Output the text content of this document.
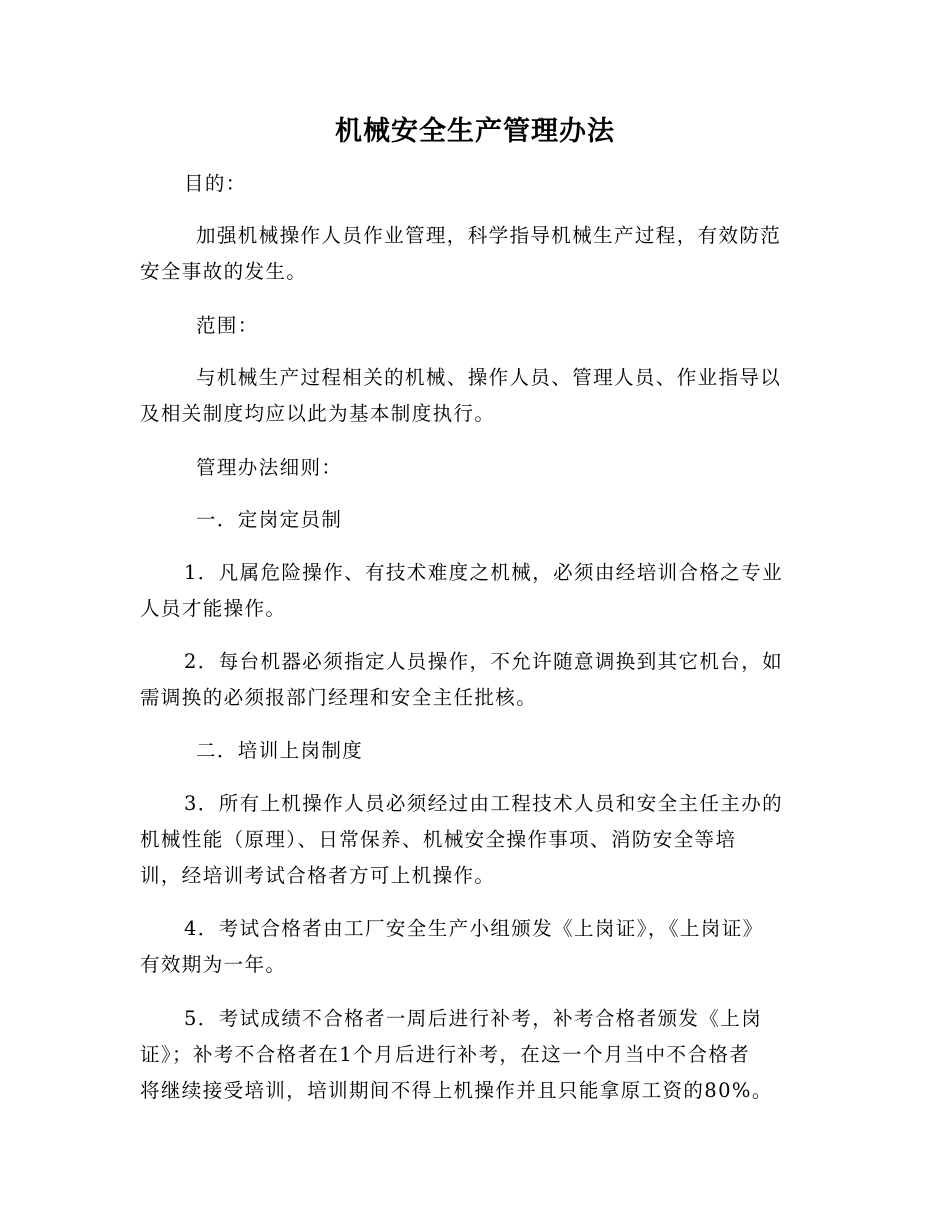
机械安全生产管理办法
目的：
加强机械操作人员作业管理，科学指导机械生产过程，有效防范
安全事故的发生。
范围：
与机械生产过程相关的机械、操作人员、管理人员、作业指导以
及相关制度均应以此为基本制度执行。
管理办法细则：
一．定岗定员制
1．凡属危险操作、有技术难度之机械，必须由经培训合格之专业
人员才能操作。
2．每台机器必须指定人员操作，不允许随意调换到其它机台，如
需调换的必须报部门经理和安全主任批核。
二．培训上岗制度
3．所有上机操作人员必须经过由工程技术人员和安全主任主办的
机械性能（原理）、日常保养、机械安全操作事项、消防安全等培
训，经培训考试合格者方可上机操作。
4．考试合格者由工厂安全生产小组颁发《上岗证》，《上岗证》
有效期为一年。
5．考试成绩不合格者一周后进行补考，补考合格者颁发《上岗
证》；补考不合格者在1个月后进行补考，在这一个月当中不合格者
将继续接受培训，培训期间不得上机操作并且只能拿原工资的80%。
